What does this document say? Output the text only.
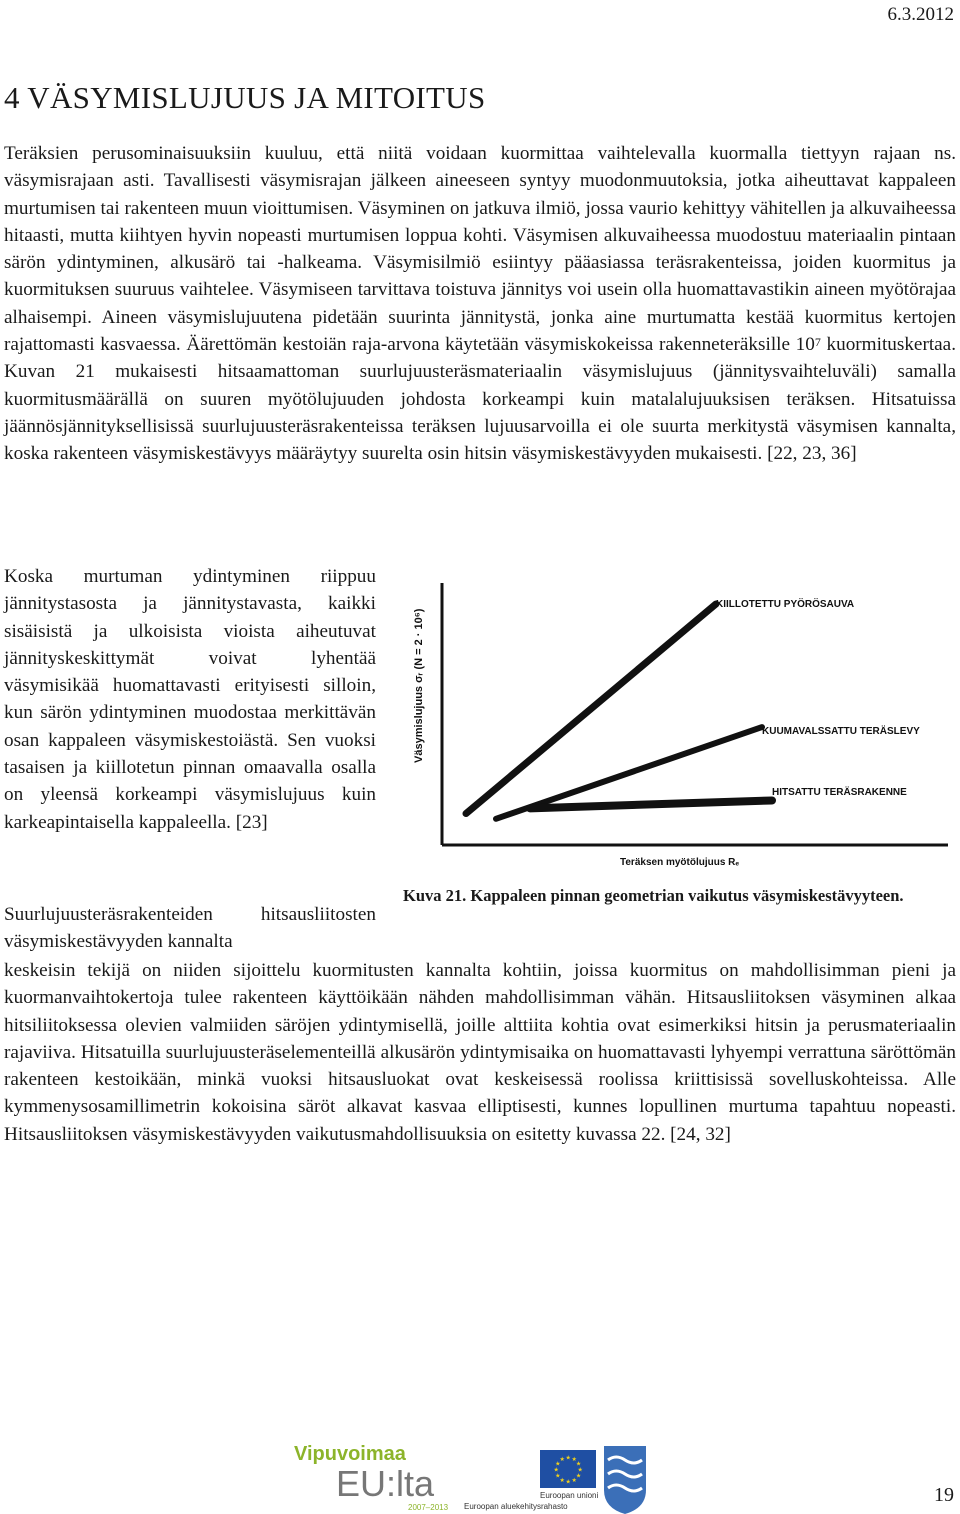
6.3.2012
4 VÄSYMISLUJUUS JA MITOITUS

Teräksien perusominaisuuksiin kuuluu, että niitä voidaan kuormittaa vaihtelevalla kuormalla tiettyyn rajaan ns. väsymisrajaan asti. Tavallisesti väsymisrajan jälkeen aineeseen syntyy muodonmuutoksia, jotka aiheuttavat kappaleen murtumisen tai rakenteen muun vioittumisen. Väsyminen on jatkuva ilmiö, jossa vaurio kehittyy vähitellen ja alkuvaiheessa hitaasti, mutta kiihtyen hyvin nopeasti murtumisen loppua kohti. Väsymisen alkuvaiheessa muodostuu materiaalin pintaan särön ydintyminen, alkusärö tai -halkeama. Väsymisilmiö esiintyy pääasiassa teräsrakenteissa, joiden kuormitus ja kuormituksen suuruus vaihtelee. Väsymiseen tarvittava toistuva jännitys voi usein olla huomattavastikin aineen myötörajaa alhaisempi. Aineen väsymislujuutena pidetään suurinta jännitystä, jonka aine murtumatta kestää kuormitus kertojen rajattomasti kasvaessa. Äärettömän kestoiän raja-arvona käytetään väsymiskokeissa rakenneteräksille $10^7$ kuormituskertaa. Kuvan 21 mukaisesti hitsaamattoman suurlujuusteräsmateriaalin väsymislujuus (jännitysvaihteluväli) samalla kuormitusmäärällä on suuren myötölujuuden johdosta korkeampi kuin matalalujuuksisen teräksen. Hitsatuissa jäännösjännityksellisissä suurlujuusteräsrakenteissa teräksen lujuusarvoilla ei ole suurta merkitystä väsymisen kannalta, koska rakenteen väsymiskestävyys määräytyy suurelta osin hitsin väsymiskestävyyden mukaisesti. [22, 23, 36]

Koska murtuman ydintyminen riippuu jännitystasosta ja jännitystavasta, kaikki sisäisistä ja ulkoisista vioista aiheutuvat jännityskeskittymät voivat lyhentää väsymisikää huomattavasti erityisesti silloin, kun särön ydintyminen muodostaa merkittävän osan kappaleen väsymiskestoiästä. Sen vuoksi tasaisen ja kiillotetun pinnan omaavalla osalla on yleensä korkeampi väsymislujuus kuin karkeapintaisella kappaleella. [23]

Suurlujuusteräsrakenteiden hitsausliitosten väsymiskestävyyden kannalta

keskeisin tekijä on niiden sijoittelu kuormitusten kannalta kohtiin, joissa kuormitus on mahdollisimman pieni ja kuormanvaihtokertoja tulee rakenteen käyttöikään nähden mahdollisimman vähän. Hitsausliitoksen väsyminen alkaa hitsiliitoksessa olevien valmiiden säröjen ydintymisellä, joille alttiita kohtia ovat esimerkiksi hitsin ja perusmateriaalin rajaviiva. Hitsatuilla suurlujuusteräselementeillä alkusärön ydintymisaika on huomattavasti lyhyempi verrattuna säröttömän rakenteen kestoikään, minkä vuoksi hitsausluokat ovat keskeisessä roolissa kriittisissä sovelluskohteissa. Alle kymmenysosamillimetrin kokoisina säröt alkavat kasvaa elliptisesti, kunnes lopullinen murtuma tapahtuu nopeasti. Hitsausliitoksen väsymiskestävyyden vaikutusmahdollisuuksia on esitetty kuvassa 22. [24, 32]

Väsymislujuus σᵣ (N = 2 · 10⁶)
Teräksen myötölujuus Rₑ
KIILLOTETTU PYÖRÖSAUVA
KUUMAVALSSATTU TERÄSLEVY
HITSATTU TERÄSRAKENNE
Kuva 21. Kappaleen pinnan geometrian vaikutus väsymiskestävyyteen.
Vipuvoimaa
EU:lta
2007–2013
★ ★
★
★
★
★
★
★
★
★
★
★
Euroopan unioni
Euroopan aluekehitysrahasto
19
